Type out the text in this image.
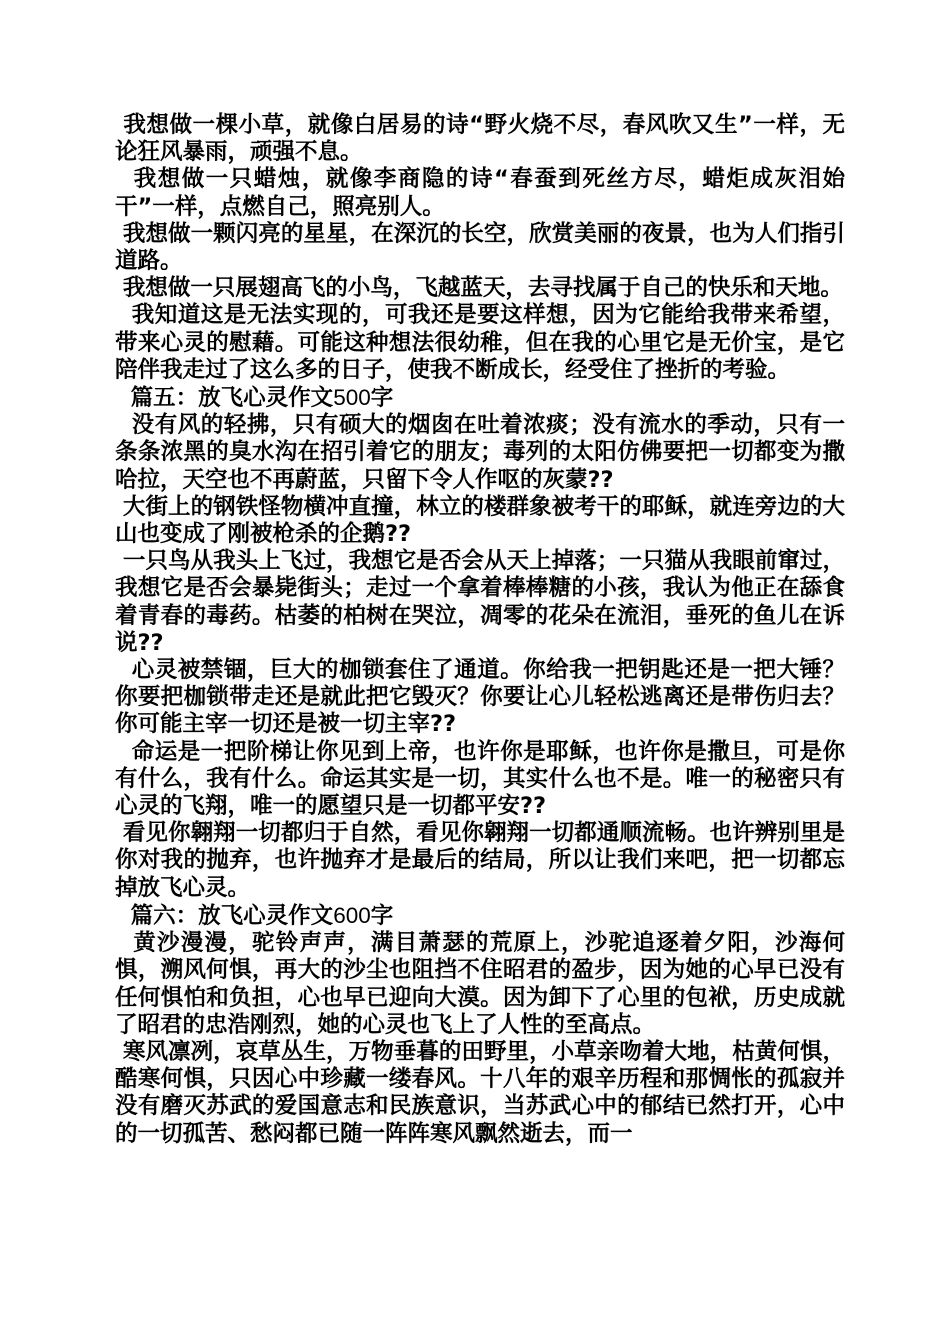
我想做一棵小草，就像白居易的诗“野火烧不尽，春风吹又生”一样，无论狂风暴雨，顽强不息。

我想做一只蜡烛，就像李商隐的诗“春蚕到死丝方尽，蜡炬成灰泪始干”一样，点燃自己，照亮别人。

我想做一颗闪亮的星星，在深沉的长空，欣赏美丽的夜景，也为人们指引道路。

我想做一只展翅高飞的小鸟，飞越蓝天，去寻找属于自己的快乐和天地。

我知道这是无法实现的，可我还是要这样想，因为它能给我带来希望，带来心灵的慰藉。可能这种想法很幼稚，但在我的心里它是无价宝，是它陪伴我走过了这么多的日子，使我不断成长，经受住了挫折的考验。

篇五：放飞心灵作文500字

没有风的轻拂，只有硕大的烟囱在吐着浓痰；没有流水的季动，只有一条条浓黑的臭水沟在招引着它的朋友；毒列的太阳仿佛要把一切都变为撒哈拉，天空也不再蔚蓝，只留下令人作呕的灰蒙??

大街上的钢铁怪物横冲直撞，林立的楼群象被考干的耶稣，就连旁边的大山也变成了刚被枪杀的企鹅??

一只鸟从我头上飞过，我想它是否会从天上掉落；一只猫从我眼前窜过，我想它是否会暴毙街头；走过一个拿着棒棒糖的小孩，我认为他正在舔食着青春的毒药。枯萎的柏树在哭泣，凋零的花朵在流泪，垂死的鱼儿在诉说??

心灵被禁锢，巨大的枷锁套住了通道。你给我一把钥匙还是一把大锤？你要把枷锁带走还是就此把它毁灭？你要让心儿轻松逃离还是带伤归去？你可能主宰一切还是被一切主宰??

命运是一把阶梯让你见到上帝，也许你是耶稣，也许你是撒旦，可是你有什么，我有什么。命运其实是一切，其实什么也不是。唯一的秘密只有心灵的飞翔，唯一的愿望只是一切都平安??

看见你翱翔一切都归于自然，看见你翱翔一切都通顺流畅。也许辨别里是你对我的抛弃，也许抛弃才是最后的结局，所以让我们来吧，把一切都忘掉放飞心灵。

篇六：放飞心灵作文600字

黄沙漫漫，驼铃声声，满目萧瑟的荒原上，沙驼追逐着夕阳，沙海何惧，溯风何惧，再大的沙尘也阻挡不住昭君的盈步，因为她的心早已没有任何惧怕和负担，心也早已迎向大漠。因为卸下了心里的包袱，历史成就了昭君的忠浩刚烈，她的心灵也飞上了人性的至高点。

寒风凛冽，哀草丛生，万物垂暮的田野里，小草亲吻着大地，枯黄何惧，酷寒何惧，只因心中珍藏一缕春风。十八年的艰辛历程和那惆怅的孤寂并没有磨灭苏武的爱国意志和民族意识，当苏武心中的郁结已然打开，心中的一切孤苦、愁闷都已随一阵阵寒风飘然逝去，而一
